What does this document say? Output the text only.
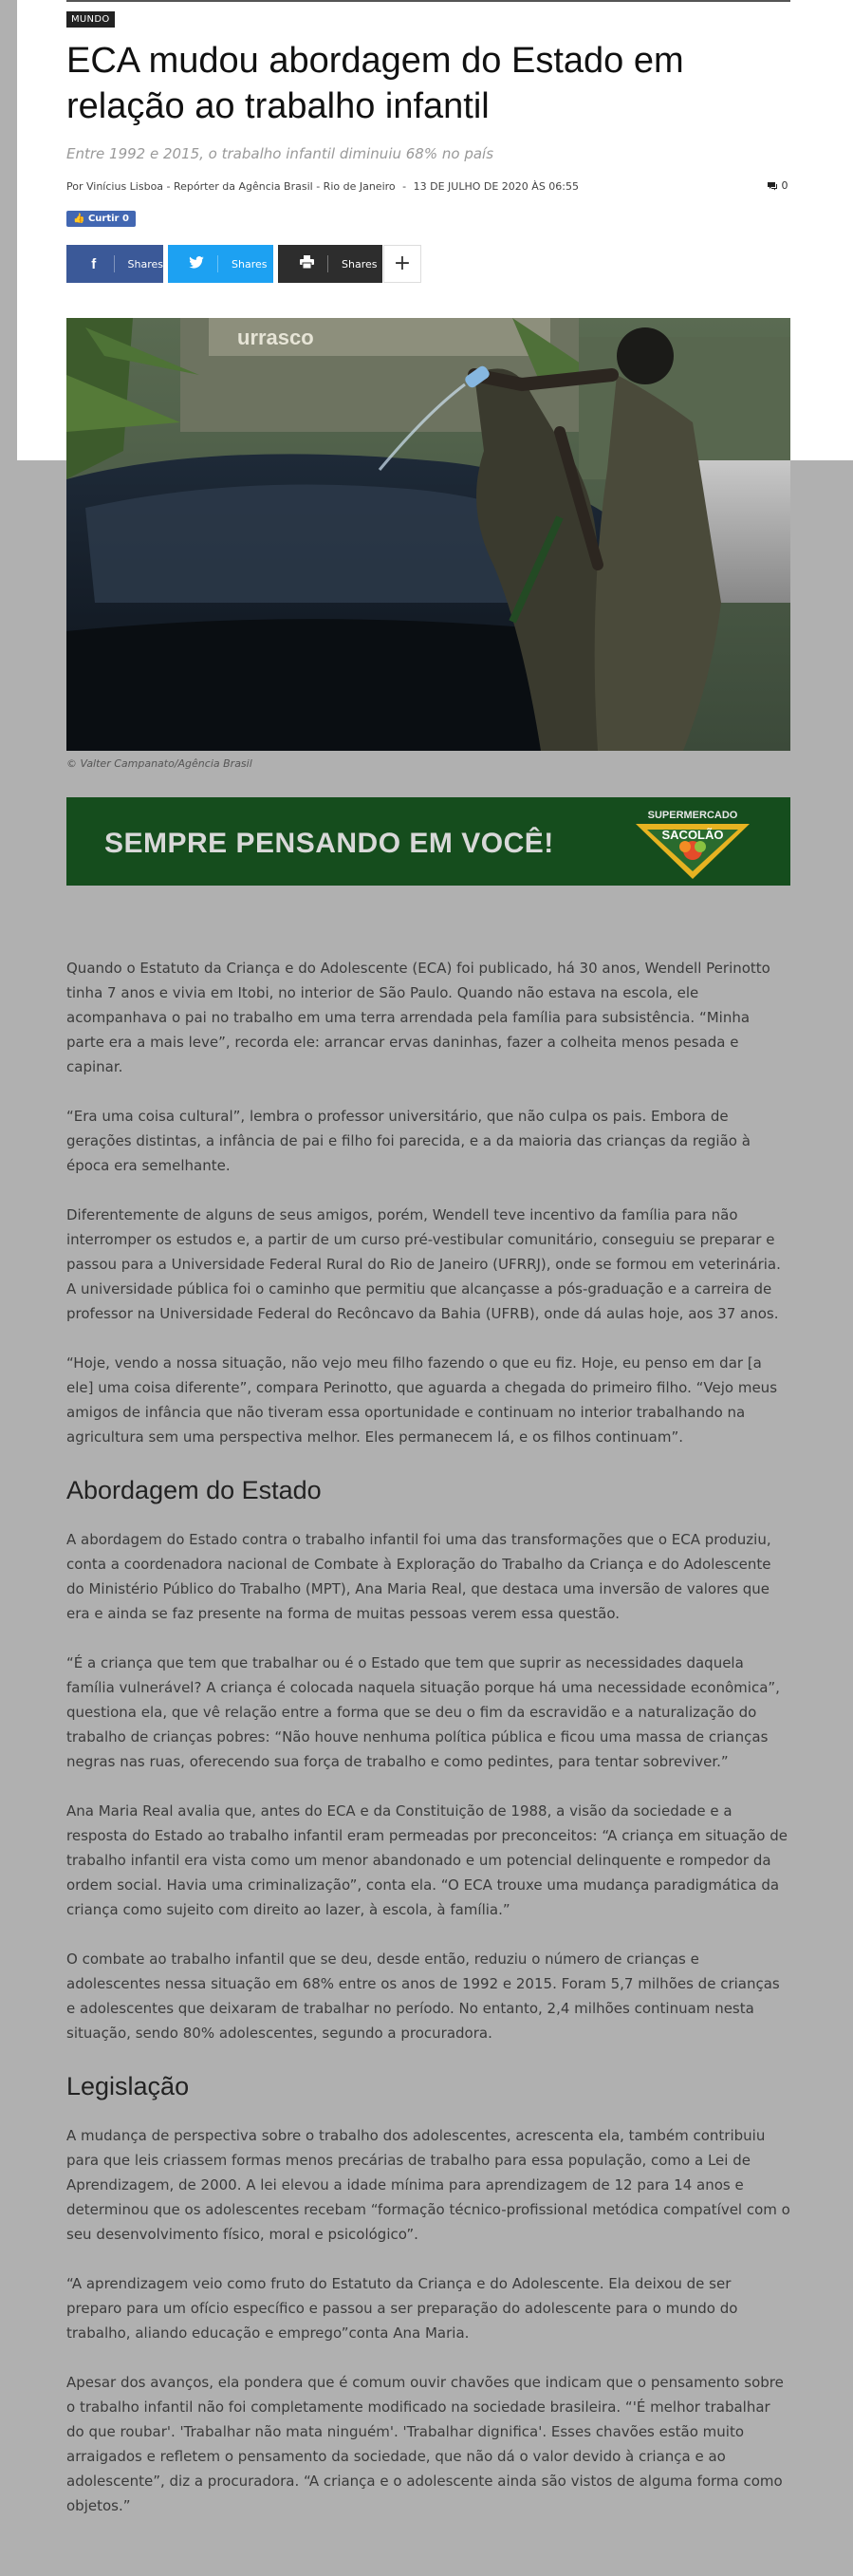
MUNDO
ECA mudou abordagem do Estado em relação ao trabalho infantil
Entre 1992 e 2015, o trabalho infantil diminuiu 68% no país
Por Vinícius Lisboa - Repórter da Agência Brasil - Rio de Janeiro - 13 DE JULHO DE 2020 ÀS 06:55	0
👍 Curtir 0
f	Shares	Shares	Shares +
urrasco
© Valter Campanato/Agência Brasil
SEMPRE PENSANDO EM VOCÊ!
SUPERMERCADO
SACOLÃO

Quando o Estatuto da Criança e do Adolescente (ECA) foi publicado, há 30 anos, Wendell Perinotto tinha 7 anos e vivia em Itobi, no interior de São Paulo. Quando não estava na escola, ele acompanhava o pai no trabalho em uma terra arrendada pela família para subsistência. “Minha parte era a mais leve”, recorda ele: arrancar ervas daninhas, fazer a colheita menos pesada e capinar.

“Era uma coisa cultural”, lembra o professor universitário, que não culpa os pais. Embora de gerações distintas, a infância de pai e filho foi parecida, e a da maioria das crianças da região à época era semelhante.

Diferentemente de alguns de seus amigos, porém, Wendell teve incentivo da família para não interromper os estudos e, a partir de um curso pré-vestibular comunitário, conseguiu se preparar e passou para a Universidade Federal Rural do Rio de Janeiro (UFRRJ), onde se formou em veterinária. A universidade pública foi o caminho que permitiu que alcançasse a pós-graduação e a carreira de professor na Universidade Federal do Recôncavo da Bahia (UFRB), onde dá aulas hoje, aos 37 anos.

“Hoje, vendo a nossa situação, não vejo meu filho fazendo o que eu fiz. Hoje, eu penso em dar [a ele] uma coisa diferente”, compara Perinotto, que aguarda a chegada do primeiro filho. “Vejo meus amigos de infância que não tiveram essa oportunidade e continuam no interior trabalhando na agricultura sem uma perspectiva melhor. Eles permanecem lá, e os filhos continuam”.

Abordagem do Estado

A abordagem do Estado contra o trabalho infantil foi uma das transformações que o ECA produziu, conta a coordenadora nacional de Combate à Exploração do Trabalho da Criança e do Adolescente do Ministério Público do Trabalho (MPT), Ana Maria Real, que destaca uma inversão de valores que era e ainda se faz presente na forma de muitas pessoas verem essa questão.

“É a criança que tem que trabalhar ou é o Estado que tem que suprir as necessidades daquela família vulnerável? A criança é colocada naquela situação porque há uma necessidade econômica”, questiona ela, que vê relação entre a forma que se deu o fim da escravidão e a naturalização do trabalho de crianças pobres: “Não houve nenhuma política pública e ficou uma massa de crianças negras nas ruas, oferecendo sua força de trabalho e como pedintes, para tentar sobreviver.”

Ana Maria Real avalia que, antes do ECA e da Constituição de 1988, a visão da sociedade e a resposta do Estado ao trabalho infantil eram permeadas por preconceitos: “A criança em situação de trabalho infantil era vista como um menor abandonado e um potencial delinquente e rompedor da ordem social. Havia uma criminalização”, conta ela. “O ECA trouxe uma mudança paradigmática da criança como sujeito com direito ao lazer, à escola, à família.”

O combate ao trabalho infantil que se deu, desde então, reduziu o número de crianças e adolescentes nessa situação em 68% entre os anos de 1992 e 2015. Foram 5,7 milhões de crianças e adolescentes que deixaram de trabalhar no período. No entanto, 2,4 milhões continuam nesta situação, sendo 80% adolescentes, segundo a procuradora.

Legislação

A mudança de perspectiva sobre o trabalho dos adolescentes, acrescenta ela, também contribuiu para que leis criassem formas menos precárias de trabalho para essa população, como a Lei de Aprendizagem, de 2000. A lei elevou a idade mínima para aprendizagem de 12 para 14 anos e determinou que os adolescentes recebam “formação técnico-profissional metódica compatível com o seu desenvolvimento físico, moral e psicológico”.

“A aprendizagem veio como fruto do Estatuto da Criança e do Adolescente. Ela deixou de ser preparo para um ofício específico e passou a ser preparação do adolescente para o mundo do trabalho, aliando educação e emprego”conta Ana Maria.

Apesar dos avanços, ela pondera que é comum ouvir chavões que indicam que o pensamento sobre o trabalho infantil não foi completamente modificado na sociedade brasileira. “'É melhor trabalhar do que roubar'. 'Trabalhar não mata ninguém'. 'Trabalhar dignifica'. Esses chavões estão muito arraigados e refletem o pensamento da sociedade, que não dá o valor devido à criança e ao adolescente”, diz a procuradora. “A criança e o adolescente ainda são vistos de alguma forma como objetos.”
